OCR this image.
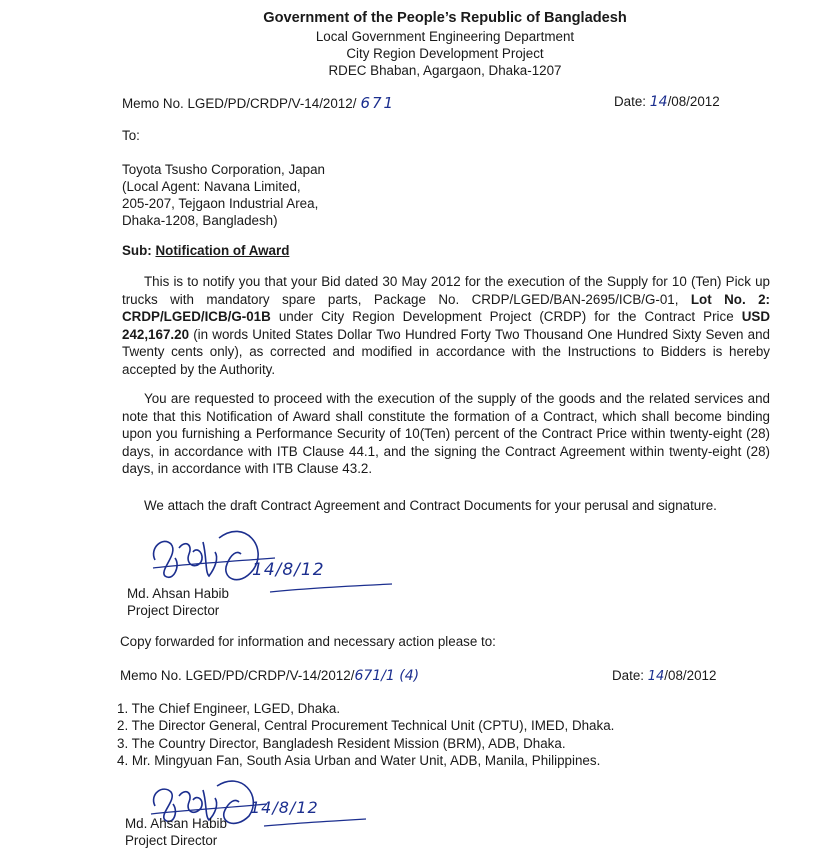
Government of the People’s Republic of Bangladesh
Local Government Engineering Department
City Region Development Project
RDEC Bhaban, Agargaon, Dhaka-1207
Memo No. LGED/PD/CRDP/V-14/2012/ 671	Date: 14/08/2012
To:
Toyota Tsusho Corporation, Japan
(Local Agent: Navana Limited,
205-207, Tejgaon Industrial Area,
Dhaka-1208, Bangladesh)
Sub: Notification of Award

This is to notify you that your Bid dated 30 May 2012 for the execution of the Supply for 10 (Ten) Pick up trucks with mandatory spare parts, Package No. CRDP/LGED/BAN-2695/ICB/G-01, Lot No. 2: CRDP/LGED/ICB/G-01B under City Region Development Project (CRDP) for the Contract Price USD 242,167.20 (in words United States Dollar Two Hundred Forty Two Thousand One Hundred Sixty Seven and Twenty cents only), as corrected and modified in accordance with the Instructions to Bidders is hereby accepted by the Authority.

You are requested to proceed with the execution of the supply of the goods and the related services and note that this Notification of Award shall constitute the formation of a Contract, which shall become binding upon you furnishing a Performance Security of 10(Ten) percent of the Contract Price within twenty-eight (28) days, in accordance with ITB Clause 44.1, and the signing the Contract Agreement within twenty-eight (28) days, in accordance with ITB Clause 43.2.

We attach the draft Contract Agreement and Contract Documents for your perusal and signature.

14/8/12
Md. Ahsan Habib
Project Director
Copy forwarded for information and necessary action please to:
Memo No. LGED/PD/CRDP/V-14/2012/671/1 (4)	Date: 14/08/2012
1. The Chief Engineer, LGED, Dhaka.
2. The Director General, Central Procurement Technical Unit (CPTU), IMED, Dhaka.
3. The Country Director, Bangladesh Resident Mission (BRM), ADB, Dhaka.
4. Mr. Mingyuan Fan, South Asia Urban and Water Unit, ADB, Manila, Philippines.
14/8/12
Md. Ahsan Habib
Project Director
